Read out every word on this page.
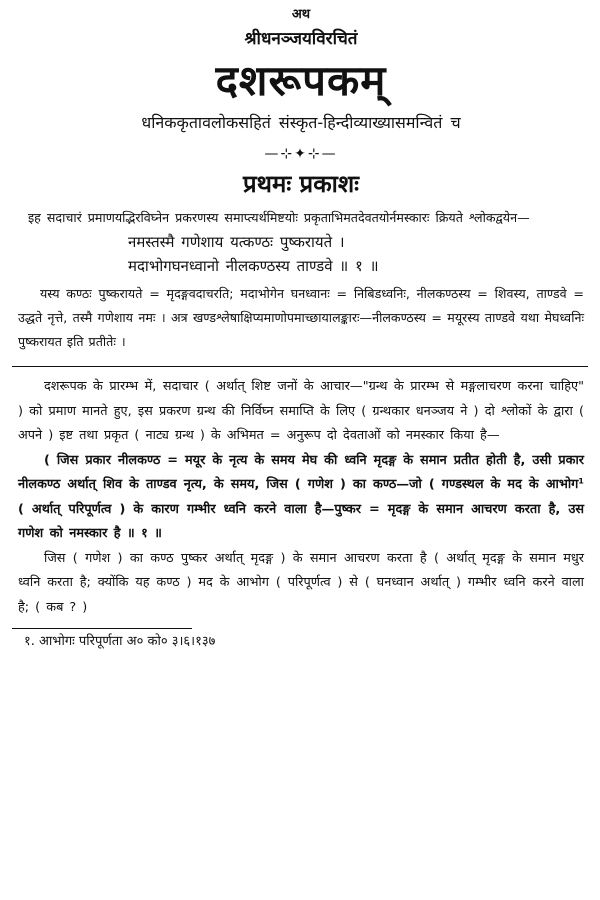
अथ
श्रीधनञ्जयविरचितं
दशरूपकम्
धनिककृतावलोकसहितं संस्कृत-हिन्दीव्याख्यासमन्वितं च
—⊹✦⊹—
प्रथमः प्रकाशः
इह सदाचारं प्रमाणयद्भिरविघ्नेन प्रकरणस्य समाप्त्यर्थमिष्टयोः प्रकृताभिमतदेवतयोर्नमस्कारः क्रियते श्लोकद्वयेन—
नमस्तस्मै गणेशाय यत्कण्ठः पुष्करायते ।
मदाभोगघनध्वानो नीलकण्ठस्य ताण्डवे ॥ १ ॥
यस्य कण्ठः पुष्करायते = मृदङ्गवदाचरति; मदाभोगेन घनध्वानः = निबिडध्वनिः, नीलकण्ठस्य = शिवस्य, ताण्डवे = उद्धते नृत्ते, तस्मै गणेशाय नमः । अत्र खण्डश्लेषाक्षिप्यमाणोपमाच्छायालङ्कारः—नीलकण्ठस्य = मयूरस्य ताण्डवे यथा मेघध्वनिः पुष्करायत इति प्रतीतेः ।

दशरूपक के प्रारम्भ में, सदाचार ( अर्थात् शिष्ट जनों के आचार—"ग्रन्थ के प्रारम्भ से मङ्गलाचरण करना चाहिए" ) को प्रमाण मानते हुए, इस प्रकरण ग्रन्थ की निर्विघ्न समाप्ति के लिए ( ग्रन्थकार धनञ्जय ने ) दो श्लोकों के द्वारा ( अपने ) इष्ट तथा प्रकृत ( नाट्य ग्रन्थ ) के अभिमत = अनुरूप दो देवताओं को नमस्कार किया है—

( जिस प्रकार नीलकण्ठ = मयूर के नृत्य के समय मेघ की ध्वनि मृदङ्ग के समान प्रतीत होती है, उसी प्रकार नीलकण्ठ अर्थात् शिव के ताण्डव नृत्य, के समय, जिस ( गणेश ) का कण्ठ—जो ( गण्डस्थल के मद के आभोग¹ ( अर्थात् परिपूर्णत्व ) के कारण गम्भीर ध्वनि करने वाला है—पुष्कर = मृदङ्ग के समान आचरण करता है, उस गणेश को नमस्कार है ॥ १ ॥

जिस ( गणेश ) का कण्ठ पुष्कर अर्थात् मृदङ्ग ) के समान आचरण करता है ( अर्थात् मृदङ्ग के समान मधुर ध्वनि करता है; क्योंकि यह कण्ठ ) मद के आभोग ( परिपूर्णत्व ) से ( घनध्वान अर्थात् ) गम्भीर ध्वनि करने वाला है; ( कब ? )

१. आभोगः परिपूर्णता अ० को० ३।६।१३७
